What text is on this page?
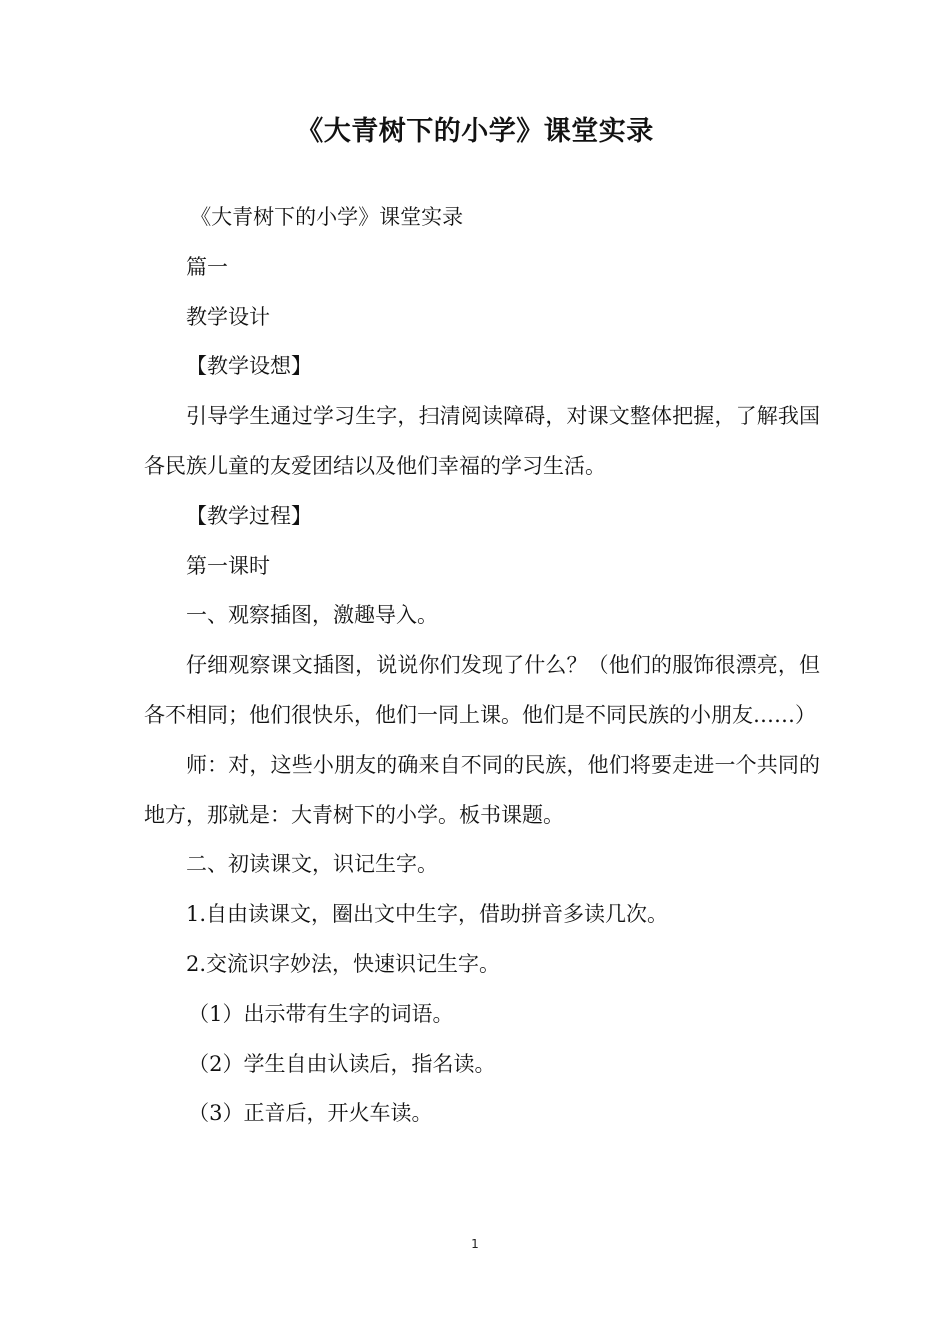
《大青树下的小学》课堂实录

《大青树下的小学》课堂实录

篇一

教学设计

【教学设想】

引导学生通过学习生字，扫清阅读障碍，对课文整体把握，了解我国各民族儿童的友爱团结以及他们幸福的学习生活。

【教学过程】

第一课时

一、观察插图，激趣导入。

仔细观察课文插图，说说你们发现了什么？（他们的服饰很漂亮，但各不相同；他们很快乐，他们一同上课。他们是不同民族的小朋友……）

师：对，这些小朋友的确来自不同的民族，他们将要走进一个共同的地方，那就是：大青树下的小学。板书课题。

二、初读课文，识记生字。

1.自由读课文，圈出文中生字，借助拼音多读几次。

2.交流识字妙法，快速识记生字。

（1）出示带有生字的词语。

（2）学生自由认读后，指名读。

（3）正音后，开火车读。

1
